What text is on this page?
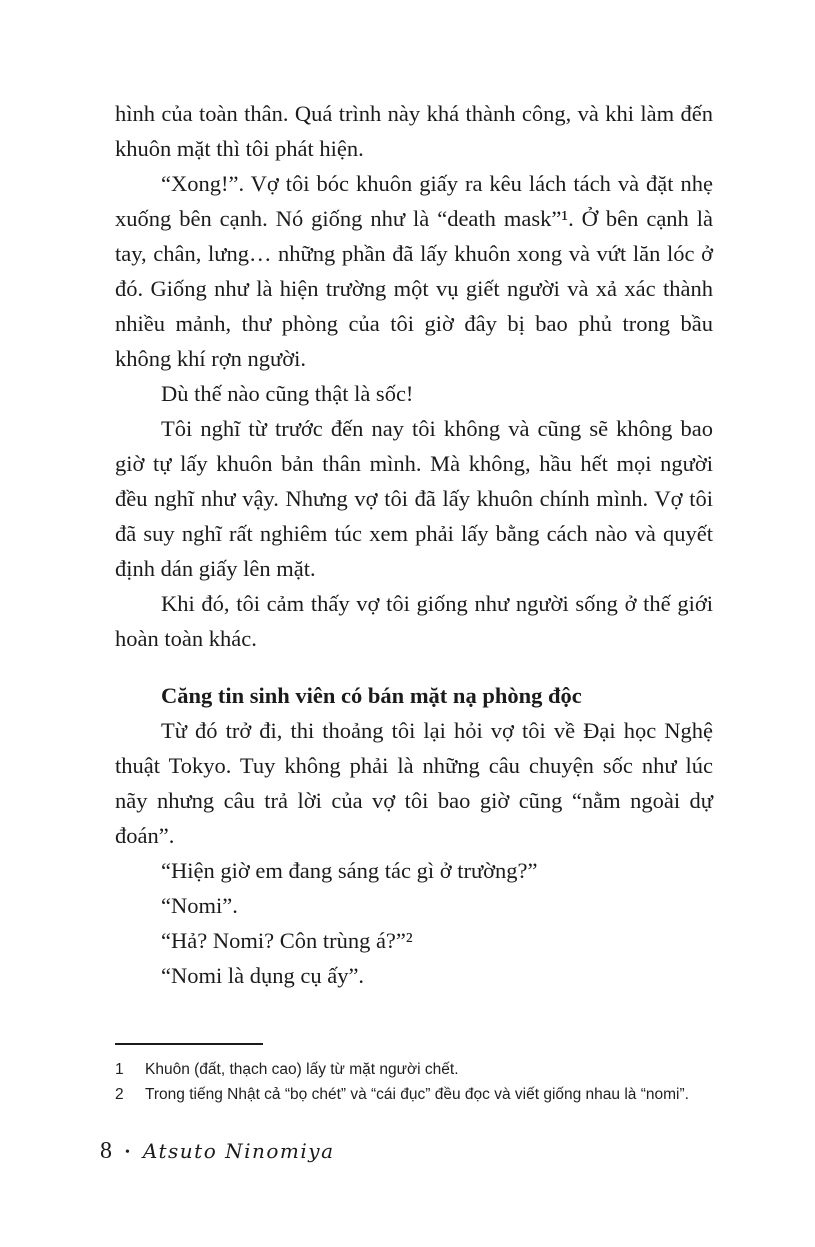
hình của toàn thân. Quá trình này khá thành công, và khi làm đến khuôn mặt thì tôi phát hiện.

“Xong!”. Vợ tôi bóc khuôn giấy ra kêu lách tách và đặt nhẹ xuống bên cạnh. Nó giống như là “death mask”¹. Ở bên cạnh là tay, chân, lưng… những phần đã lấy khuôn xong và vứt lăn lóc ở đó. Giống như là hiện trường một vụ giết người và xả xác thành nhiều mảnh, thư phòng của tôi giờ đây bị bao phủ trong bầu không khí rợn người.

Dù thế nào cũng thật là sốc!

Tôi nghĩ từ trước đến nay tôi không và cũng sẽ không bao giờ tự lấy khuôn bản thân mình. Mà không, hầu hết mọi người đều nghĩ như vậy. Nhưng vợ tôi đã lấy khuôn chính mình. Vợ tôi đã suy nghĩ rất nghiêm túc xem phải lấy bằng cách nào và quyết định dán giấy lên mặt.

Khi đó, tôi cảm thấy vợ tôi giống như người sống ở thế giới hoàn toàn khác.

Căng tin sinh viên có bán mặt nạ phòng độc

Từ đó trở đi, thi thoảng tôi lại hỏi vợ tôi về Đại học Nghệ thuật Tokyo. Tuy không phải là những câu chuyện sốc như lúc nãy nhưng câu trả lời của vợ tôi bao giờ cũng “nằm ngoài dự đoán”.

“Hiện giờ em đang sáng tác gì ở trường?”

“Nomi”.

“Hả? Nomi? Côn trùng á?”²

“Nomi là dụng cụ ấy”.

1	Khuôn (đất, thạch cao) lấy từ mặt người chết.
2	Trong tiếng Nhật cả “bọ chét” và “cái đục” đều đọc và viết giống nhau là “nomi”.
8 • Atsuto Ninomiya
